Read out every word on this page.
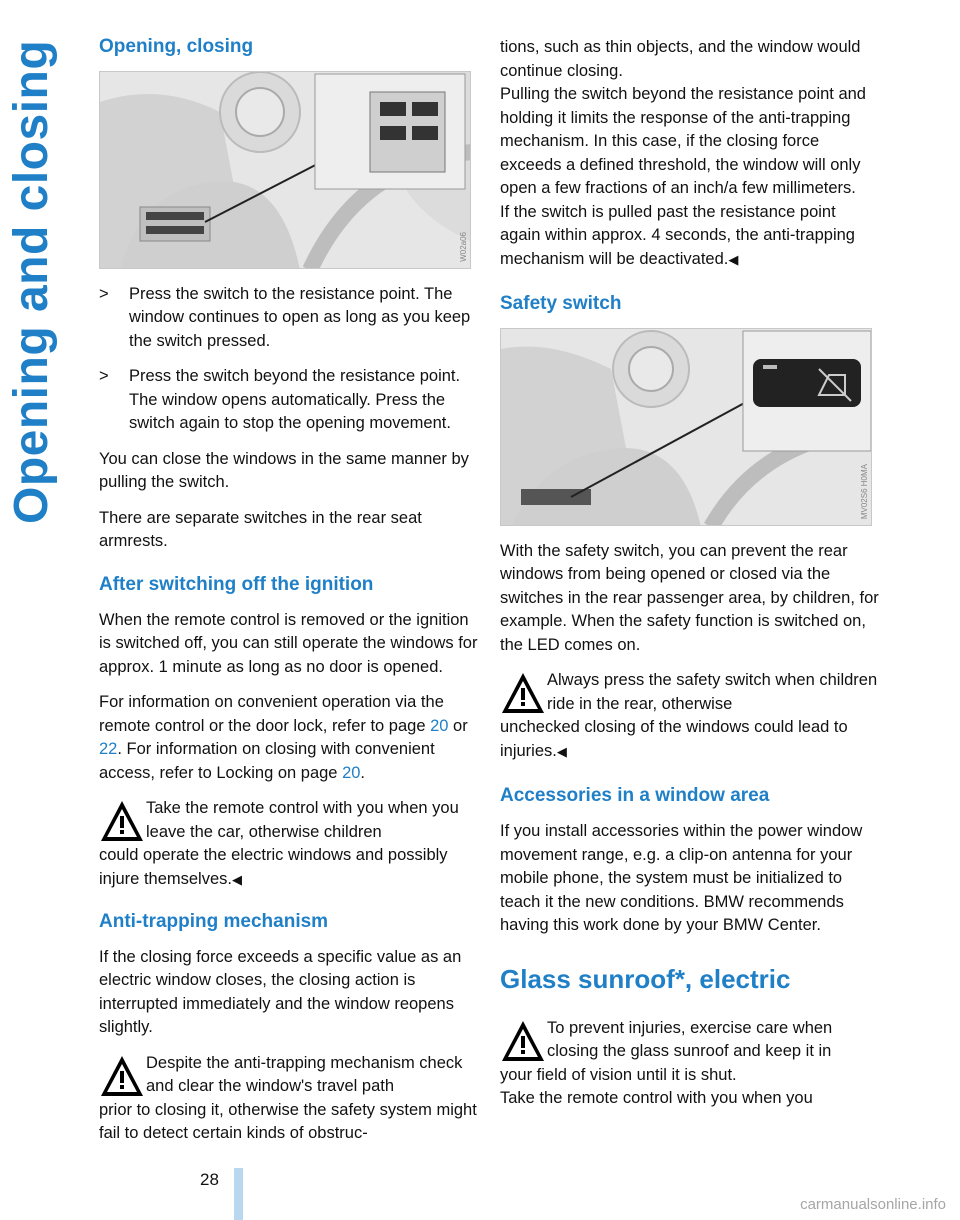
Opening and closing Opening, closing
W02a06
>	Press the switch to the resistance point. The window continues to open as long as you keep the switch pressed.
>	Press the switch beyond the resistance point.
The window opens automatically. Press the switch again to stop the opening movement.

You can close the windows in the same manner by pulling the switch.

There are separate switches in the rear seat armrests.

After switching off the ignition

When the remote control is removed or the ignition is switched off, you can still operate the windows for approx. 1 minute as long as no door is opened.

For information on convenient operation via the remote control or the door lock, refer to page 20 or 22. For information on closing with convenient access, refer to Locking on page 20.

Take the remote control with you when you leave the car, otherwise children
could operate the electric windows and possibly injure themselves.◀
Anti-trapping mechanism

If the closing force exceeds a specific value as an electric window closes, the closing action is interrupted immediately and the window reopens slightly.

Despite the anti-trapping mechanism check and clear the window's travel path
prior to closing it, otherwise the safety system might fail to detect certain kinds of obstruc-

tions, such as thin objects, and the window would continue closing.

Pulling the switch beyond the resistance point and holding it limits the response of the anti-trapping mechanism. In this case, if the closing force exceeds a defined threshold, the window will only open a few fractions of an inch/a few millimeters.

If the switch is pulled past the resistance point again within approx. 4 seconds, the anti-trapping mechanism will be deactivated.◀

Safety switch
MV02S6 H0MA

With the safety switch, you can prevent the rear windows from being opened or closed via the switches in the rear passenger area, by children, for example. When the safety function is switched on, the LED comes on.

Always press the safety switch when children ride in the rear, otherwise
unchecked closing of the windows could lead to injuries.◀
Accessories in a window area

If you install accessories within the power window movement range, e.g. a clip-on antenna for your mobile phone, the system must be initialized to teach it the new conditions. BMW recommends having this work done by your BMW Center.

Glass sunroof*, electric
To prevent injuries, exercise care when closing the glass sunroof and keep it in
your field of vision until it is shut.
Take the remote control with you when you
28
carmanualsonline.info
